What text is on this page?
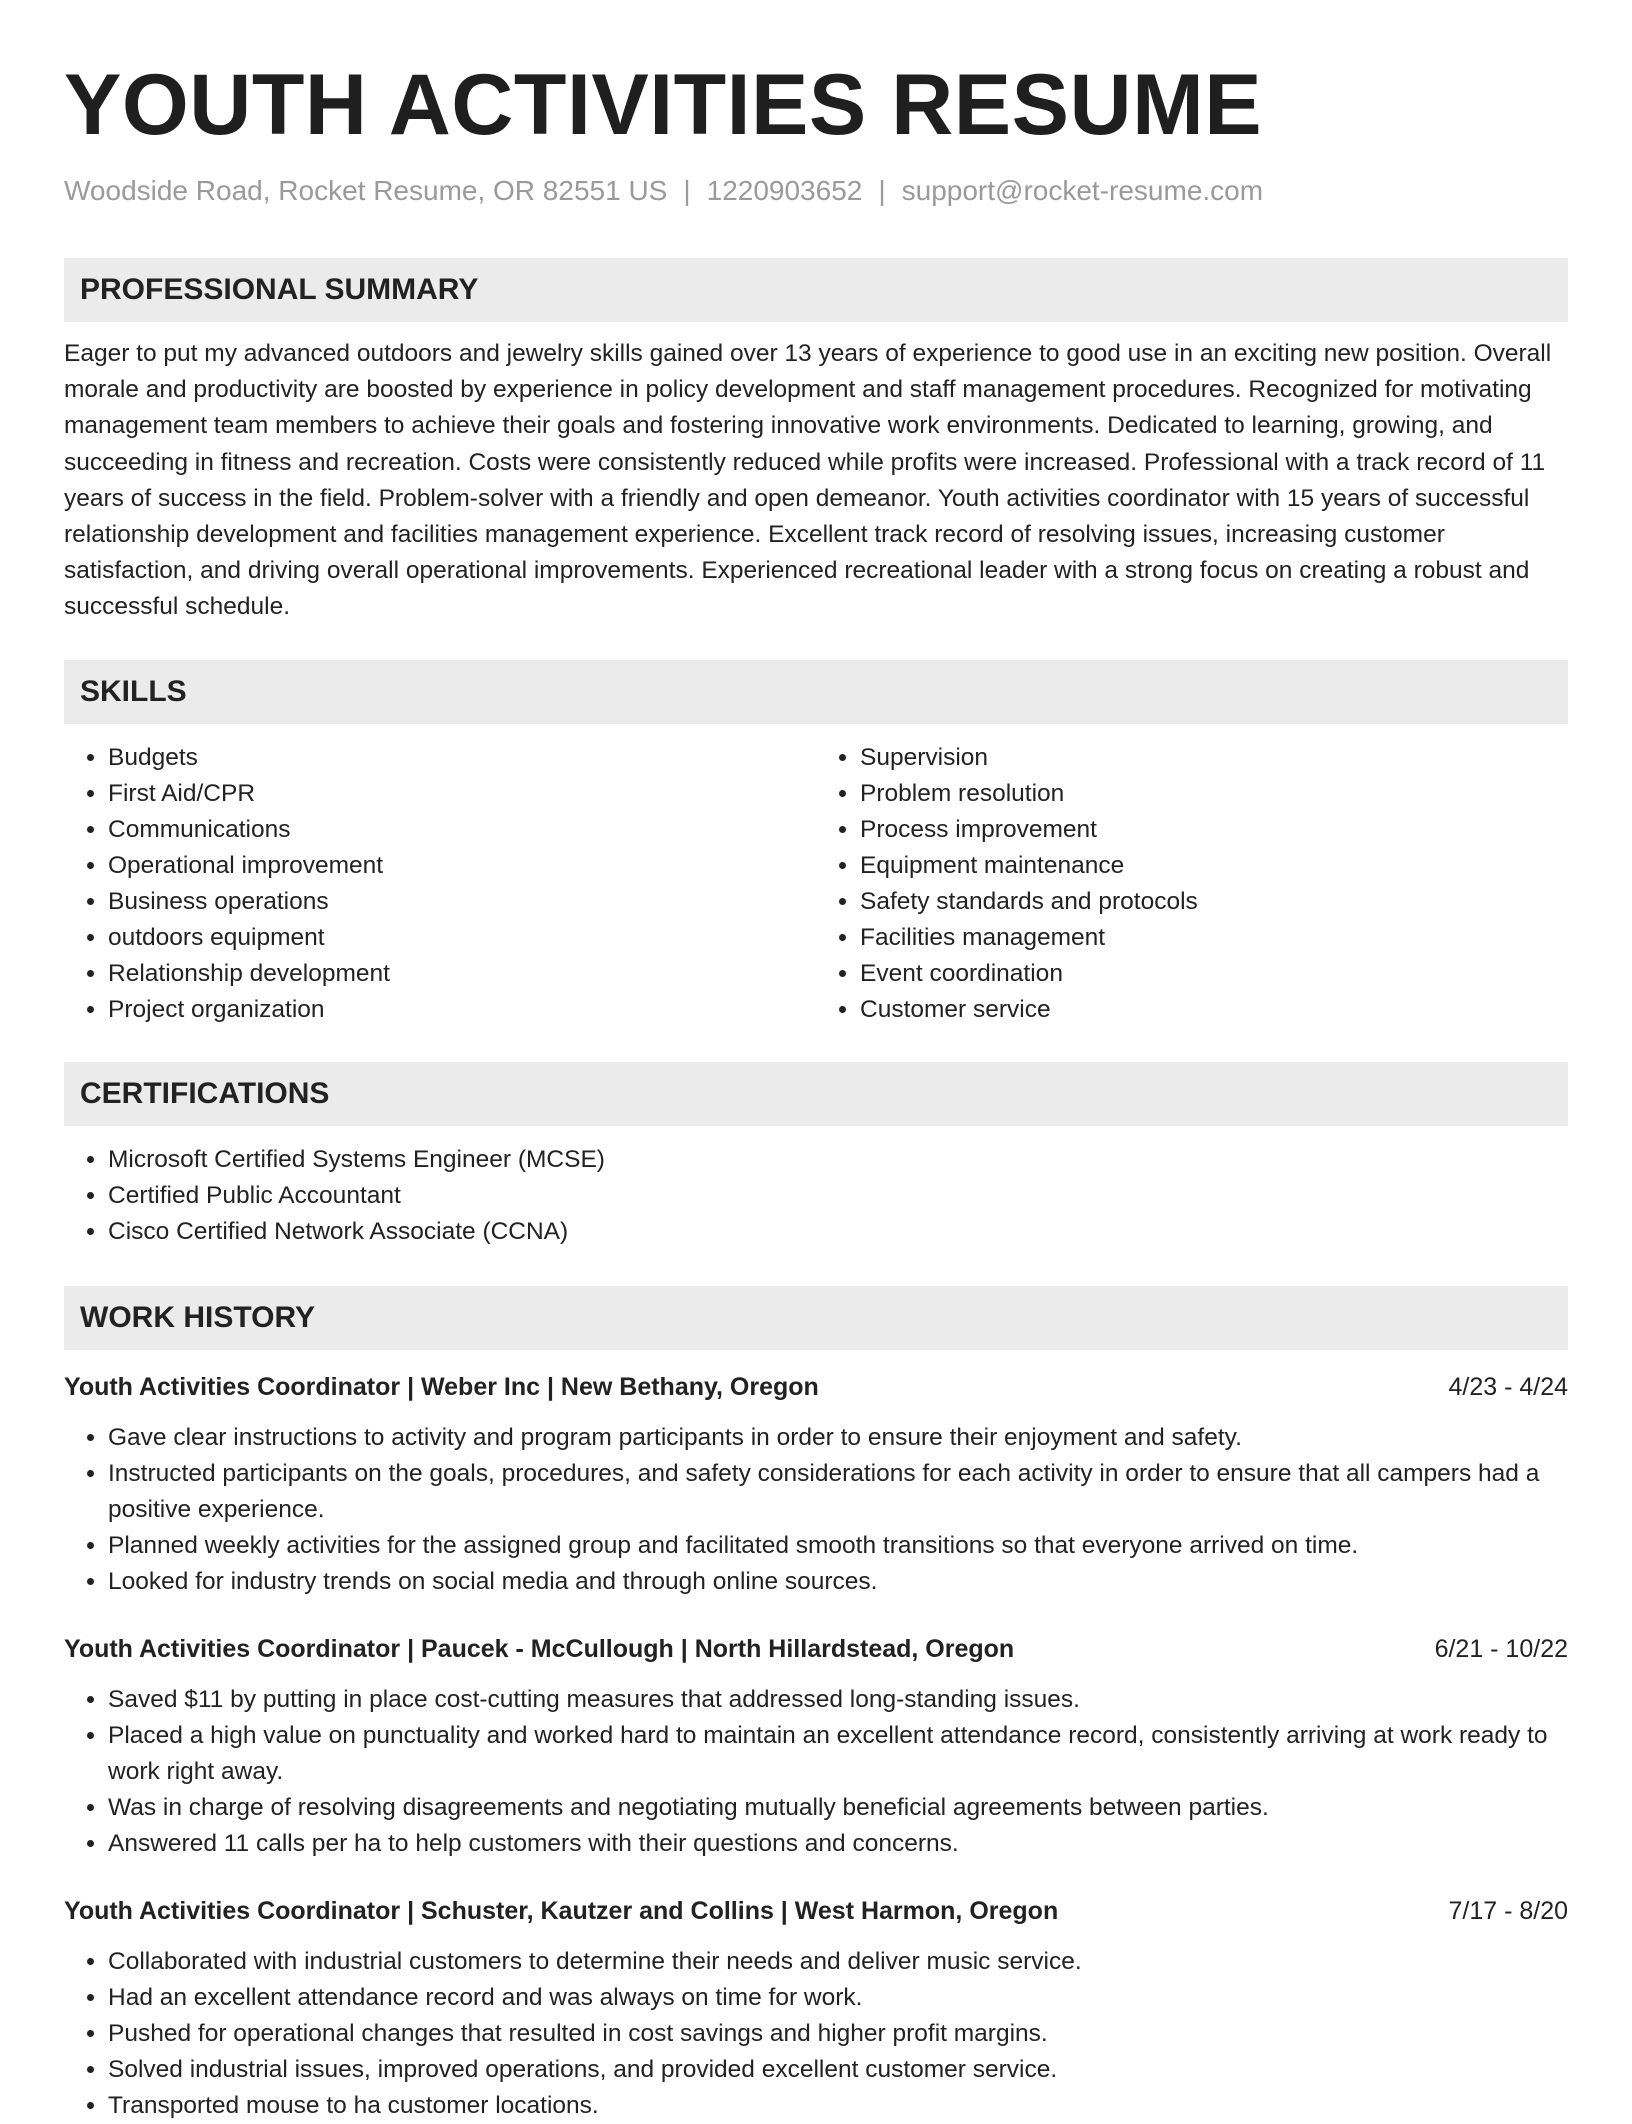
YOUTH ACTIVITIES RESUME
Woodside Road, Rocket Resume, OR 82551 US | 1220903652 | support@rocket-resume.com
PROFESSIONAL SUMMARY

Eager to put my advanced outdoors and jewelry skills gained over 13 years of experience to good use in an exciting new position. Overall morale and productivity are boosted by experience in policy development and staff management procedures. Recognized for motivating management team members to achieve their goals and fostering innovative work environments. Dedicated to learning, growing, and succeeding in fitness and recreation. Costs were consistently reduced while profits were increased. Professional with a track record of 11 years of success in the field. Problem-solver with a friendly and open demeanor. Youth activities coordinator with 15 years of successful relationship development and facilities management experience. Excellent track record of resolving issues, increasing customer satisfaction, and driving overall operational improvements. Experienced recreational leader with a strong focus on creating a robust and successful schedule.

SKILLS
• Budgets
• First Aid/CPR
• Communications
• Operational improvement
• Business operations
• outdoors equipment
• Relationship development
• Project organization
• Supervision
• Problem resolution
• Process improvement
• Equipment maintenance
• Safety standards and protocols
• Facilities management
• Event coordination
• Customer service
CERTIFICATIONS
• Microsoft Certified Systems Engineer (MCSE)
• Certified Public Accountant
• Cisco Certified Network Associate (CCNA)
WORK HISTORY
Youth Activities Coordinator | Weber Inc | New Bethany, Oregon	4/23 - 4/24
• Gave clear instructions to activity and program participants in order to ensure their enjoyment and safety.
• Instructed participants on the goals, procedures, and safety considerations for each activity in order to ensure that all campers had a positive experience.
• Planned weekly activities for the assigned group and facilitated smooth transitions so that everyone arrived on time.
• Looked for industry trends on social media and through online sources.
Youth Activities Coordinator | Paucek - McCullough | North Hillardstead, Oregon	6/21 - 10/22
• Saved $11 by putting in place cost-cutting measures that addressed long-standing issues.
• Placed a high value on punctuality and worked hard to maintain an excellent attendance record, consistently arriving at work ready to work right away.
• Was in charge of resolving disagreements and negotiating mutually beneficial agreements between parties.
• Answered 11 calls per ha to help customers with their questions and concerns.
Youth Activities Coordinator | Schuster, Kautzer and Collins | West Harmon, Oregon	7/17 - 8/20
• Collaborated with industrial customers to determine their needs and deliver music service.
• Had an excellent attendance record and was always on time for work.
• Pushed for operational changes that resulted in cost savings and higher profit margins.
• Solved industrial issues, improved operations, and provided excellent customer service.
• Transported mouse to ha customer locations.
